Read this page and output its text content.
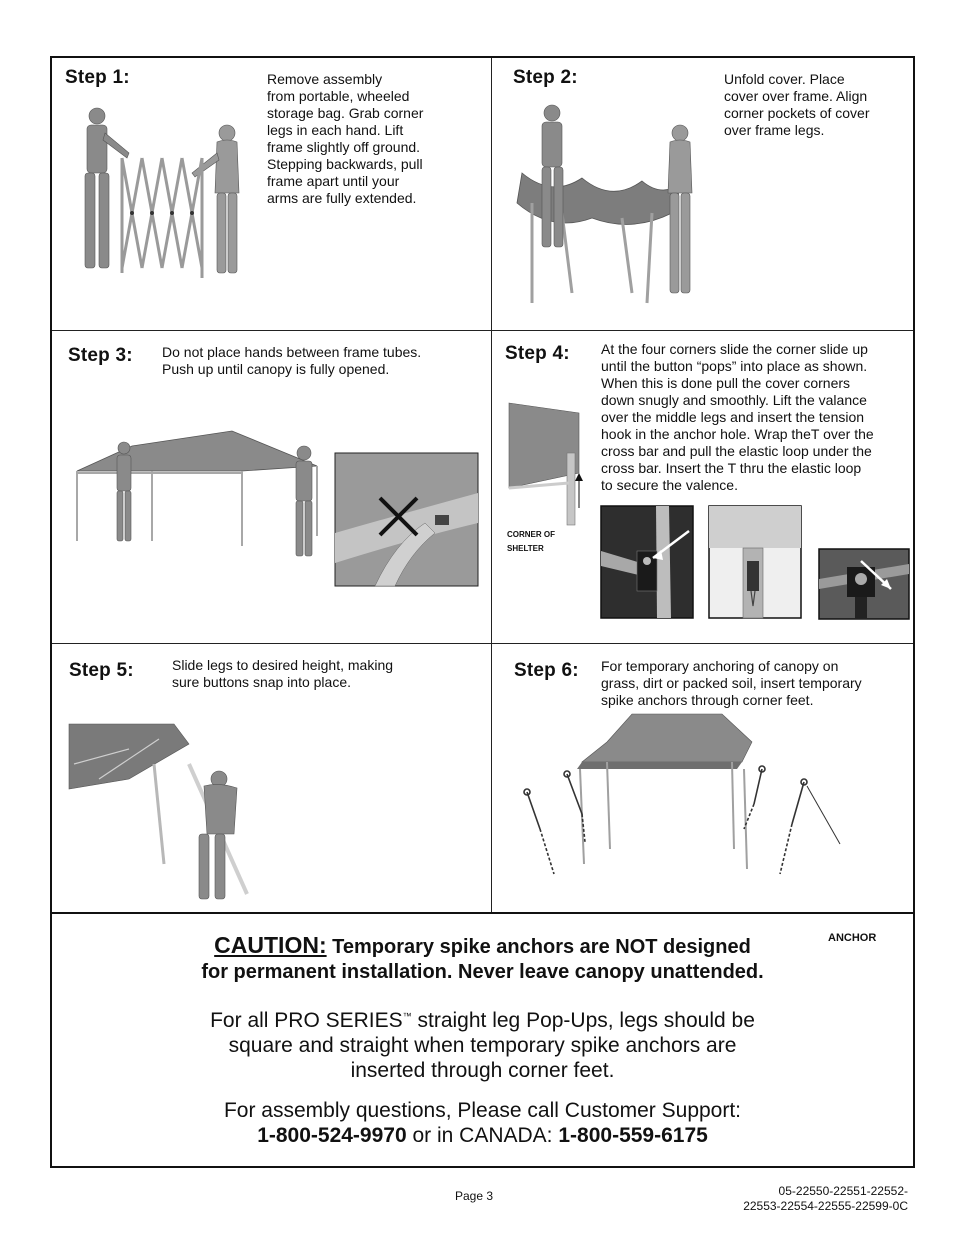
Step 1:	Remove assembly
from portable, wheeled
storage bag. Grab corner
legs in each hand. Lift
frame slightly off ground.
Stepping backwards, pull
frame apart until your
arms are fully extended.
Step 2:	Unfold cover. Place
cover over frame. Align
corner pockets of cover
over frame legs.
Step 3: Do not place hands between frame tubes.
Push up until canopy is fully opened.
Step 4: At the four corners slide the corner slide up
until the button “pops” into place as shown.
When this is done pull the cover corners
down snugly and smoothly. Lift the valance
over the middle legs and insert the tension
hook in the anchor hole. Wrap theT over the
cross bar and pull the elastic loop under the
cross bar. Insert the T thru the elastic loop
to secure the valence.
CORNER OF
SHELTER
Step 5:	Slide legs to desired height, making
sure buttons snap into place.
Step 6: For temporary anchoring of canopy on
grass, dirt or packed soil, insert temporary
spike anchors through corner feet.
ANCHOR
CAUTION: Temporary spike anchors are NOT designed
for permanent installation. Never leave canopy unattended.
For all PRO SERIES™ straight leg Pop-Ups, legs should be
square and straight when temporary spike anchors are
inserted through corner feet.
For assembly questions, Please call Customer Support:
1-800-524-9970 or in CANADA: 1-800-559-6175
Page 3	05-22550-22551-22552-
22553-22554-22555-22599-0C
